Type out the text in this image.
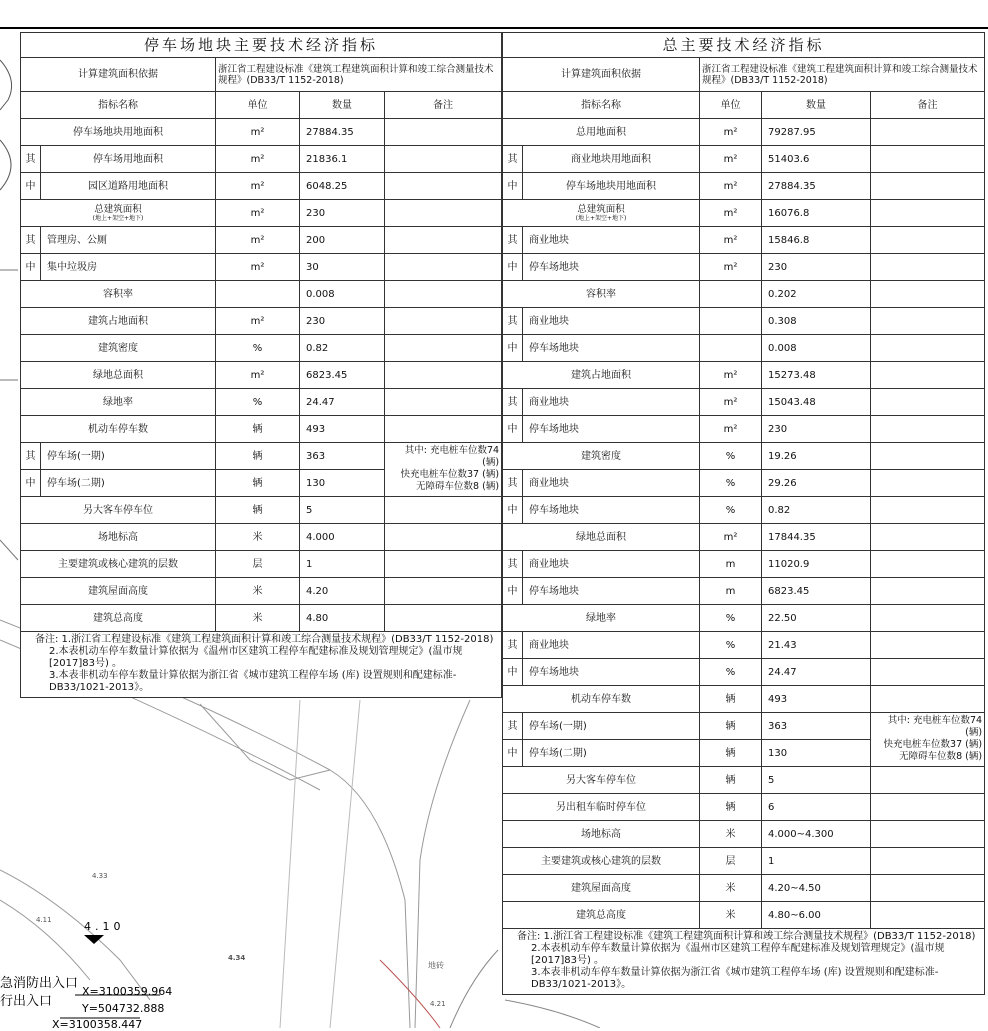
4.33
4.11	4.10
4.34
4.21
地砖
急消防出入口
行出入口
X=3100359.964
Y=504732.888
X=3100358.447
停车场地块主要技术经济指标				
计算建筑面积依据		浙江省工程建设标准《建筑工程建筑面积计算和竣工综合测量技术规程》(DB33/T 1152-2018)		
指标名称		单位	数量	备注
停车场地块用地面积		m²	27884.35	
其	停车场用地面积	m²	21836.1	
中	园区道路用地面积	m²	6048.25	
总建筑面积
(地上+架空+地下)		m²	230	
其	管理房、公厕	m²	200	
中	集中垃圾房	m²	30	
容积率			0.008	
建筑占地面积		m²	230	
建筑密度		%	0.82	
绿地总面积		m²	6823.45	
绿地率		%	24.47	
机动车停车数		辆	493	
其	停车场(一期)	辆	363	其中: 充电桩车位数74 (辆)
快充电桩车位数37 (辆)
无障碍车位数8 (辆)
中	停车场(二期)	辆	130	
另大客车停车位		辆	5	
场地标高		米	4.000	
主要建筑或核心建筑的层数		层	1	
建筑屋面高度		米	4.20	
建筑总高度		米	4.80	

备注: 1.浙江省工程建设标准《建筑工程建筑面积计算和竣工综合测量技术规程》(DB33/T 1152-2018)
2.本表机动车停车数量计算依据为《温州市区建筑工程停车配建标准及规划管理规定》(温市规[2017]83号) 。
3.本表非机动车停车数量计算依据为浙江省《城市建筑工程停车场 (库) 设置规则和配建标准-DB33/1021-2013》。				
总主要技术经济指标				
计算建筑面积依据		浙江省工程建设标准《建筑工程建筑面积计算和竣工综合测量技术规程》(DB33/T 1152-2018)		
指标名称		单位	数量	备注
总用地面积		m²	79287.95	
其	商业地块用地面积	m²	51403.6	
中	停车场地块用地面积	m²	27884.35	
总建筑面积
(地上+架空+地下)		m²	16076.8	
其	商业地块	m²	15846.8	
中	停车场地块	m²	230	
容积率			0.202	
其	商业地块		0.308	
中	停车场地块		0.008	
建筑占地面积		m²	15273.48	
其	商业地块	m²	15043.48	
中	停车场地块	m²	230	
建筑密度		%	19.26	
其	商业地块	%	29.26	
中	停车场地块	%	0.82	
绿地总面积		m²	17844.35	
其	商业地块	m	11020.9	
中	停车场地块	m	6823.45	
绿地率		%	22.50	
其	商业地块	%	21.43	
中	停车场地块	%	24.47	
机动车停车数		辆	493	
其	停车场(一期)	辆	363	其中: 充电桩车位数74 (辆)
快充电桩车位数37 (辆)
无障碍车位数8 (辆)
中	停车场(二期)	辆	130	
另大客车停车位		辆	5	
另出租车临时停车位		辆	6	
场地标高		米	4.000~4.300	
主要建筑或核心建筑的层数		层	1	
建筑屋面高度		米	4.20~4.50	
建筑总高度		米	4.80~6.00	

备注: 1.浙江省工程建设标准《建筑工程建筑面积计算和竣工综合测量技术规程》(DB33/T 1152-2018)
2.本表机动车停车数量计算依据为《温州市区建筑工程停车配建标准及规划管理规定》(温市规[2017]83号) 。
3.本表非机动车停车数量计算依据为浙江省《城市建筑工程停车场 (库) 设置规则和配建标准-DB33/1021-2013》。				
